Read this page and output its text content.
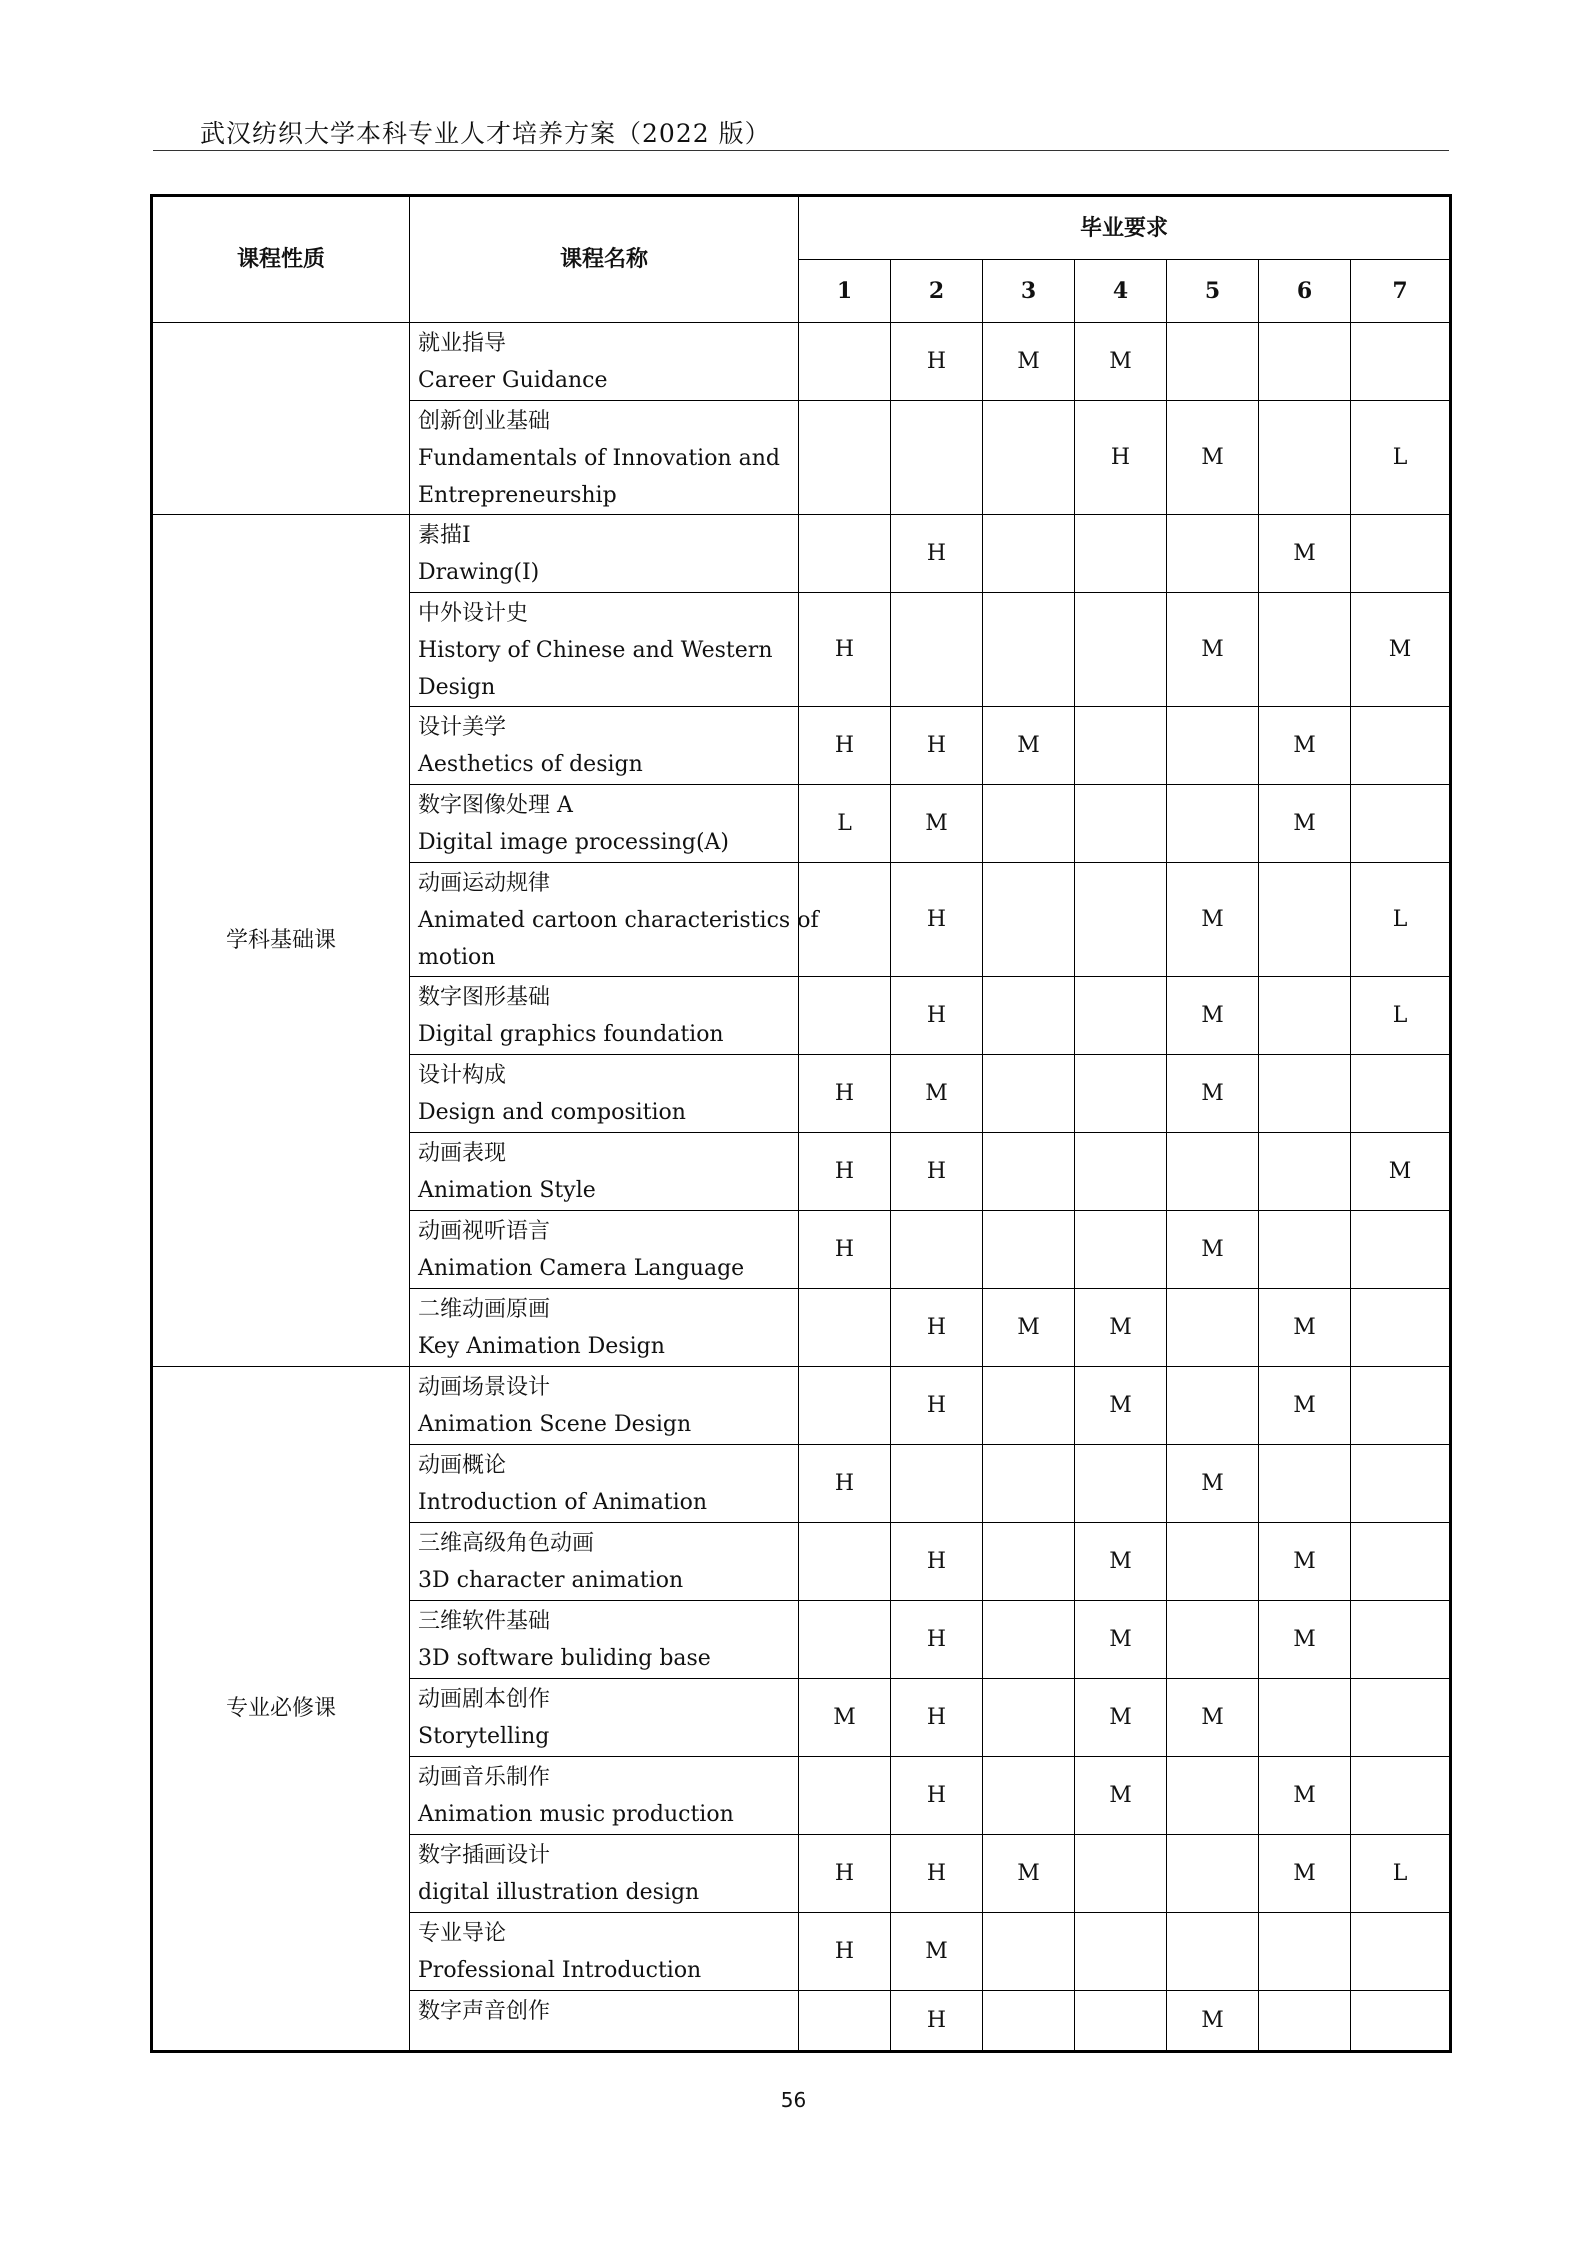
武汉纺织大学本科专业人才培养方案（2022 版）
课程性质	课程名称	毕业要求						
		1	2	3	4	5	6	7

	就业指导
Career Guidance		H	M	M			

	创新创业基础
Fundamentals of Innovation and
Entrepreneurship				H	M		L
学科基础课	素描I
Drawing(I)		H				M	

	中外设计史
History of Chinese and Western
Design	H				M		M

	设计美学
Aesthetics of design	H	H	M			M	

	数字图像处理 A
Digital image processing(A)	L	M				M	

	动画运动规律
Animated cartoon characteristics of
motion		H			M		L

	数字图形基础
Digital graphics foundation		H			M		L

	设计构成
Design and composition	H	M			M		

	动画表现
Animation Style	H	H					M

	动画视听语言
Animation Camera Language	H				M		

	二维动画原画
Key Animation Design		H	M	M		M	
专业必修课	动画场景设计
Animation Scene Design		H		M		M	

	动画概论
Introduction of Animation	H				M		

	三维高级角色动画
3D character animation		H		M		M	

	三维软件基础
3D software buliding base		H		M		M	

	动画剧本创作
Storytelling	M	H		M	M		

	动画音乐制作
Animation music production		H		M		M	

	数字插画设计
digital illustration design	H	H	M			M	L

	专业导论
Professional Introduction	H	M					

	数字声音创作		H			M		
56
